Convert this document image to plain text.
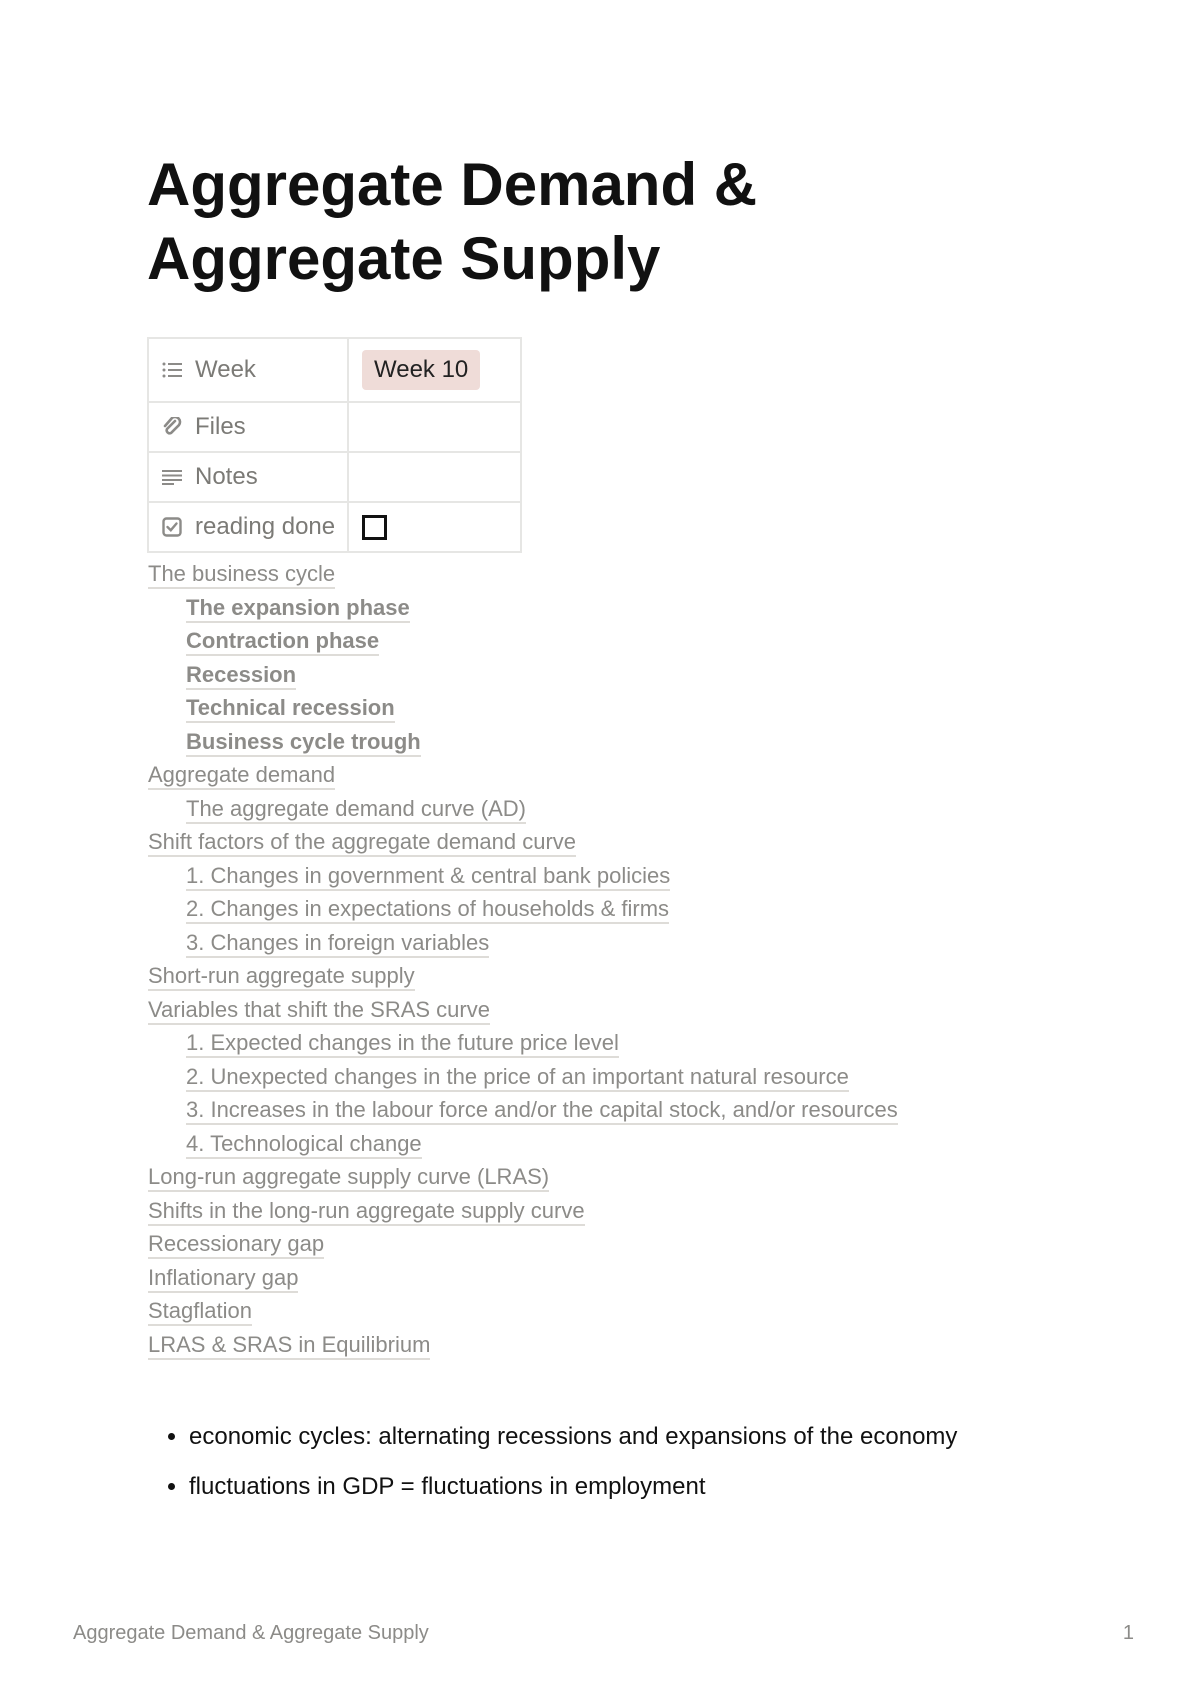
Aggregate Demand & Aggregate Supply
Week	Week 10

Files	

Notes	

reading done	

The business cycle
The expansion phase
Contraction phase
Recession
Technical recession
Business cycle trough
Aggregate demand
The aggregate demand curve (AD)
Shift factors of the aggregate demand curve
1. Changes in government & central bank policies
2. Changes in expectations of households & firms
3. Changes in foreign variables
Short-run aggregate supply
Variables that shift the SRAS curve
1. Expected changes in the future price level
2. Unexpected changes in the price of an important natural resource
3. Increases in the labour force and/or the capital stock, and/or resources
4. Technological change
Long-run aggregate supply curve (LRAS)
Shifts in the long-run aggregate supply curve
Recessionary gap
Inflationary gap
Stagflation
LRAS & SRAS in Equilibrium
• economic cycles: alternating recessions and expansions of the economy
• fluctuations in GDP = fluctuations in employment
Aggregate Demand & Aggregate Supply	1
